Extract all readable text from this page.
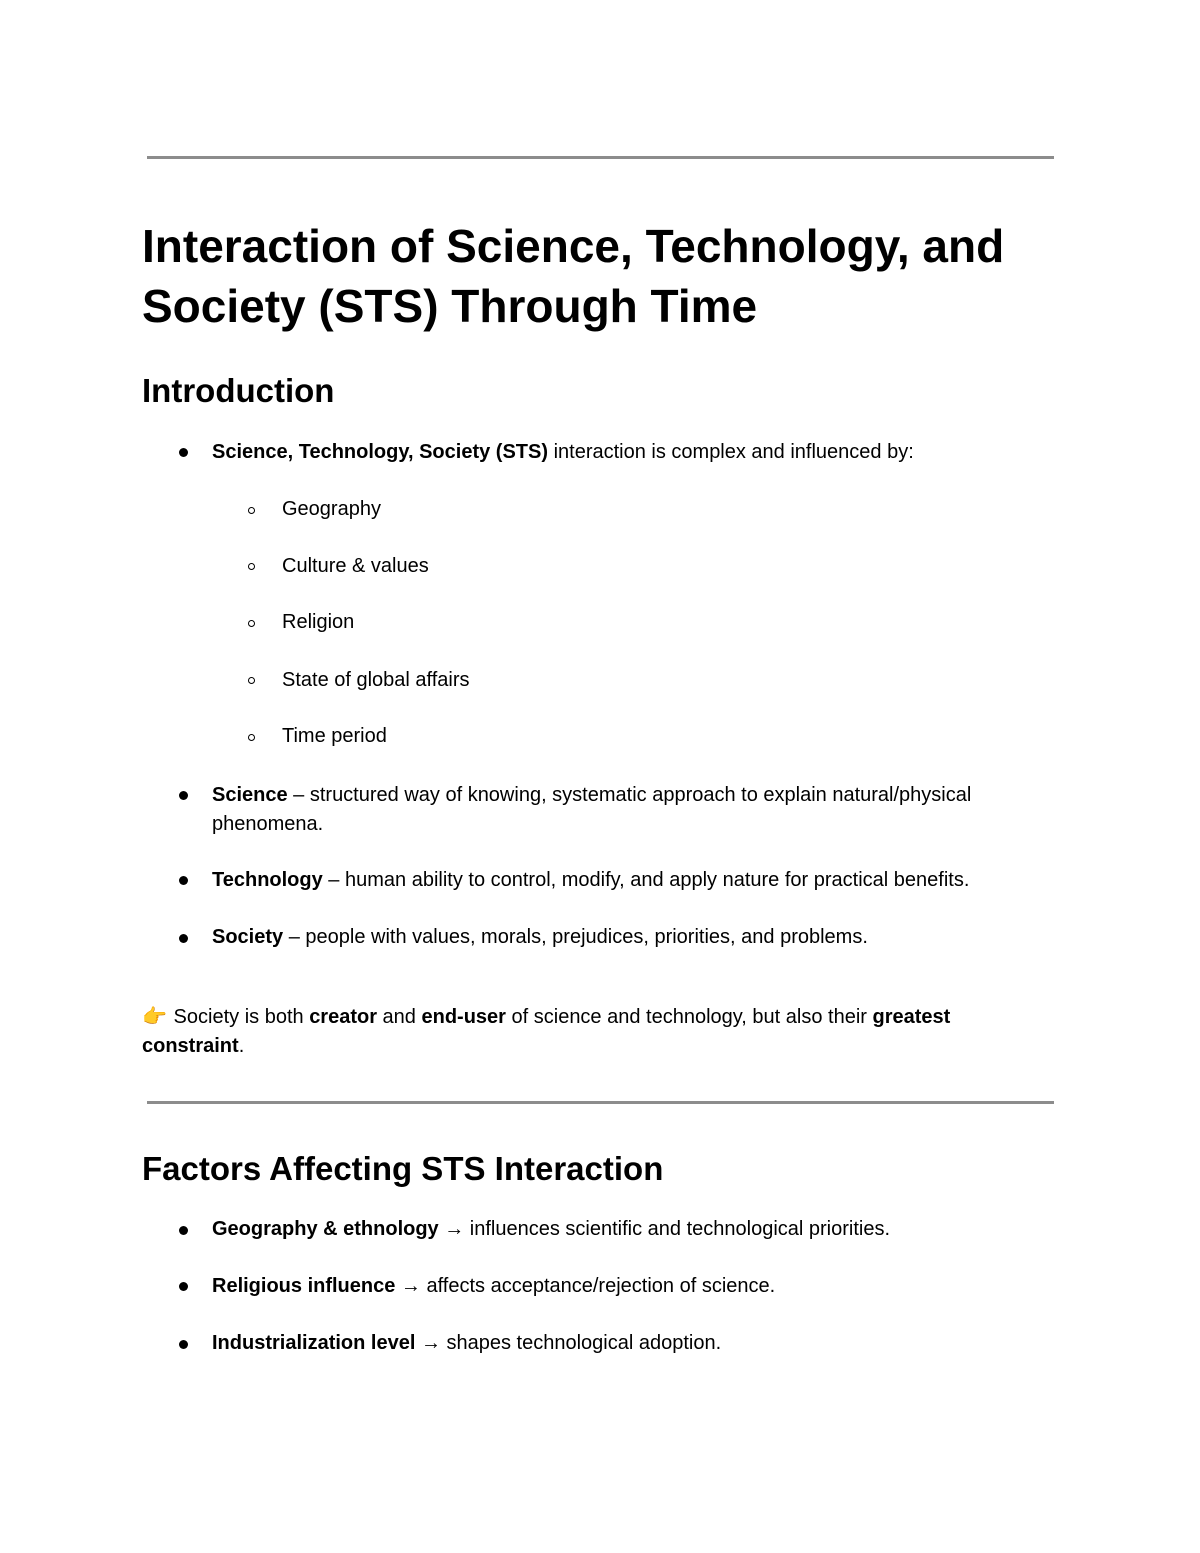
Interaction of Science, Technology, and Society (STS) Through Time
Introduction
Science, Technology, Society (STS) interaction is complex and influenced by:
Geography
Culture & values
Religion
State of global affairs
Time period
Science – structured way of knowing, systematic approach to explain natural/physical phenomena.
Technology – human ability to control, modify, and apply nature for practical benefits.
Society – people with values, morals, prejudices, priorities, and problems.
👉 Society is both creator and end-user of science and technology, but also their greatest constraint.
Factors Affecting STS Interaction
Geography & ethnology → influences scientific and technological priorities.
Religious influence → affects acceptance/rejection of science.
Industrialization level → shapes technological adoption.
